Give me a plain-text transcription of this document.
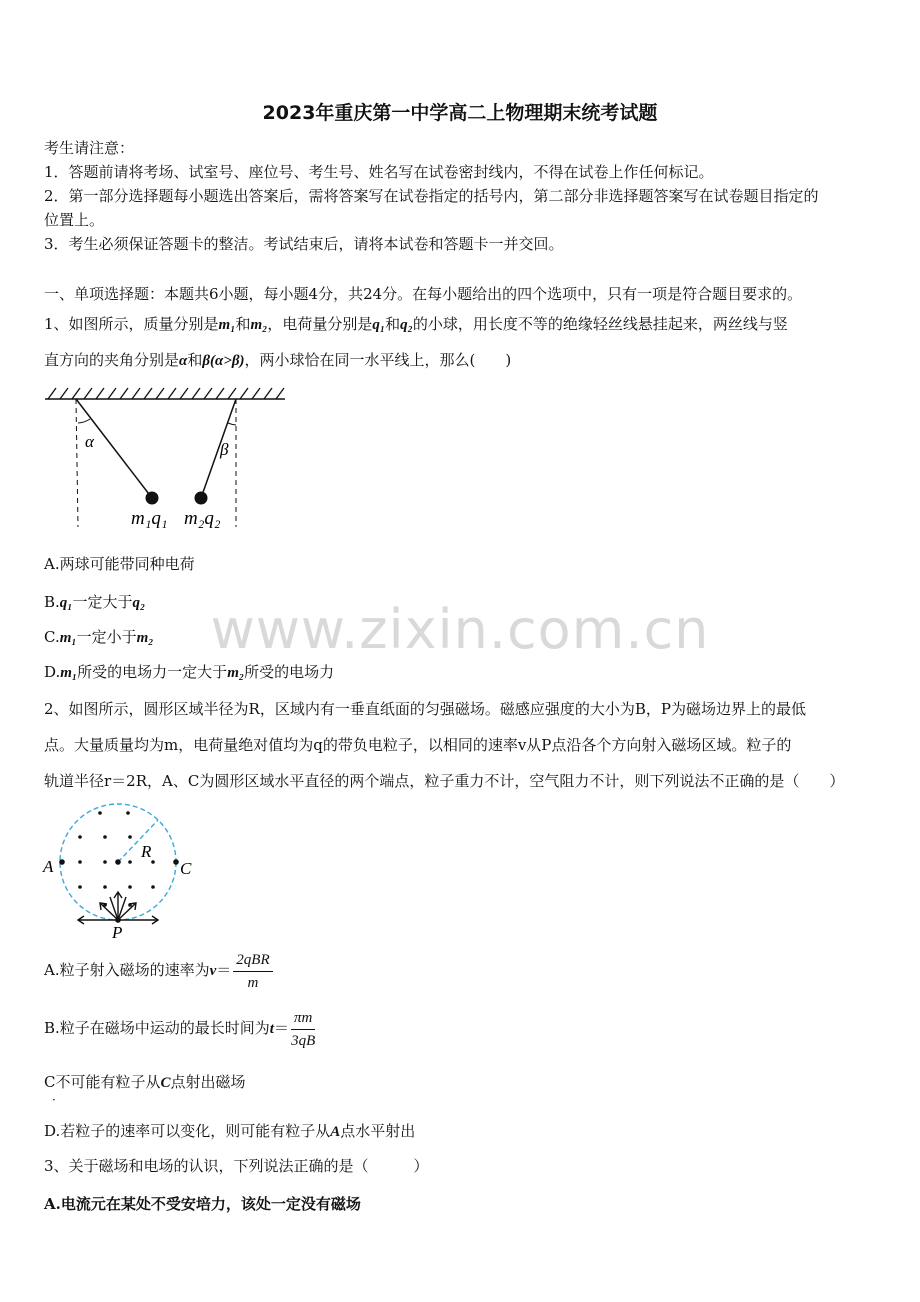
www.zixin.com.cn
2023年重庆第一中学高二上物理期末统考试题
考生请注意：
1．答题前请将考场、试室号、座位号、考生号、姓名写在试卷密封线内，不得在试卷上作任何标记。
2．第一部分选择题每小题选出答案后，需将答案写在试卷指定的括号内，第二部分非选择题答案写在试卷题目指定的
位置上。
3．考生必须保证答题卡的整洁。考试结束后，请将本试卷和答题卡一并交回。
一、单项选择题：本题共6小题，每小题4分，共24分。在每小题给出的四个选项中，只有一项是符合题目要求的。
1、如图所示，质量分别是m₁和m₂，电荷量分别是q₁和q₂的小球，用长度不等的绝缘轻丝线悬挂起来，两丝线与竖
直方向的夹角分别是α和β(α>β)，两小球恰在同一水平线上，那么(　　)
α	β
m₁q₁ m₂q₂
A.两球可能带同种电荷
B.q₁一定大于q₂
C.m₁一定小于m₂
D.m₁所受的电场力一定大于m₂所受的电场力
2、如图所示，圆形区域半径为R，区域内有一垂直纸面的匀强磁场。磁感应强度的大小为B，P为磁场边界上的最低
点。大量质量均为m，电荷量绝对值均为q的带负电粒子，以相同的速率v从P点沿各个方向射入磁场区域。粒子的
轨道半径r＝2R，A、C为圆形区域水平直径的两个端点，粒子重力不计，空气阻力不计，则下列说法不正确的是（　　）
A	C
R
P
A.粒子射入磁场的速率为$v= \frac{\text{2qBR}}{m}$
B.粒子在磁场中运动的最长时间为$t= \frac{\pi m}{3qB}$
C不可能有粒子从C点射出磁场
·
D.若粒子的速率可以变化，则可能有粒子从A点水平射出
3、关于磁场和电场的认识，下列说法正确的是（　　　）
A.电流元在某处不受安培力，该处一定没有磁场
